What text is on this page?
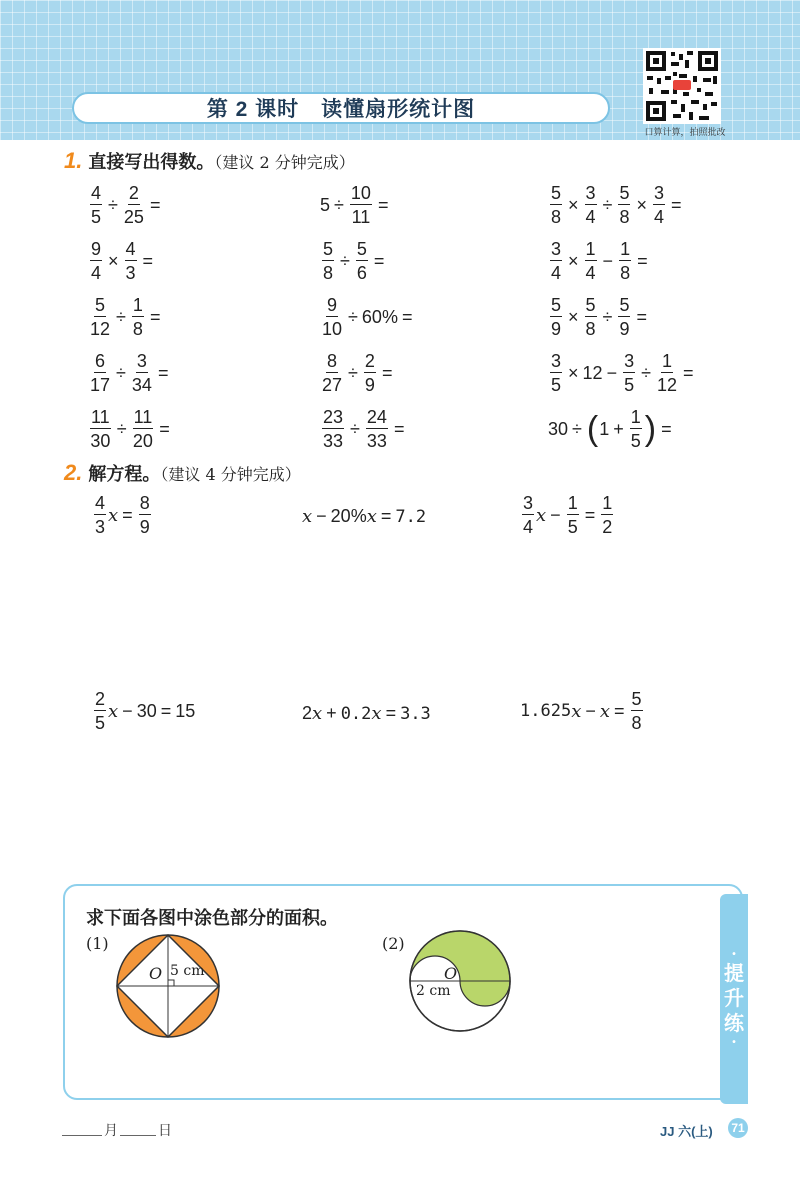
第 2 课时 读懂扇形统计图
口算计算，拍照批改
1. 直接写出得数。（建议 2 分钟完成）
$\frac{4}{5} \div \frac{2}{25}$ =	$5 \div \frac{10}{11}$ =	$\frac{5}{8} \times \frac{3}{4} \div \frac{5}{8} \times \frac{3}{4}$ =
$\frac{9}{4} \times \frac{4}{3}$ =	$\frac{5}{8} \div \frac{5}{6}$ =	$\frac{3}{4} \times \frac{1}{4} - \frac{1}{8}$ =
$\frac{5}{12} \div \frac{1}{8}$ =	$\frac{9}{10} \div 60\%$ =	$\frac{5}{9} \times \frac{5}{8} \div \frac{5}{9}$ =
$\frac{6}{17} \div \frac{3}{34}$ =	$\frac{8}{27} \div \frac{2}{9}$ =	$\frac{3}{5} \times 12 - \frac{3}{5} \div \frac{1}{12}$ =
$\frac{11}{30} \div \frac{11}{20}$ =	$\frac{23}{33} \div \frac{24}{33}$ =	30 ÷ ( $1 + \frac{1}{5}$ ) =
2. 解方程。（建议 4 分钟完成）
$\frac{4}{3}$ $x = \frac{8}{9}$	x − 20% x = 7.2	$\frac{3}{4}$ $x - \frac{1}{5} = \frac{1}{2}$
$\frac{2}{5}$ x − 30 = 15	2 x + 0.2 x = 3.3	1.625 $x - x = \frac{5}{8}$
•
提
升
练
•
求下面各图中涂色部分的面积。
(1)
O 5 cm
(2)
O
2 cm
月	日	JJ 六(上) 71
